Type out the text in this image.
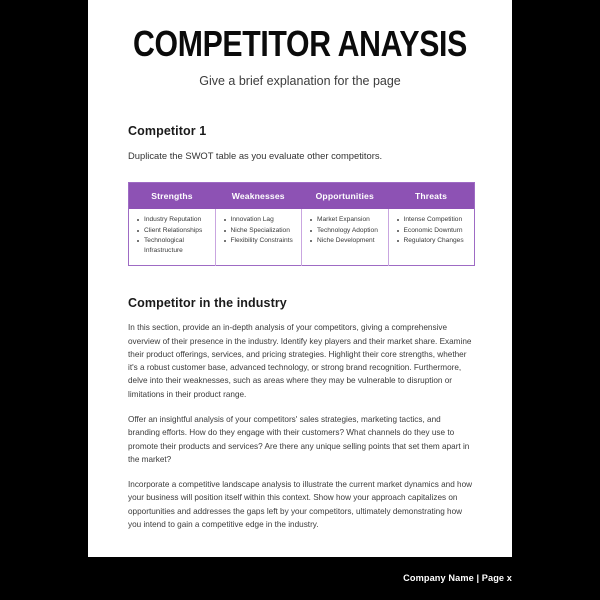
COMPETITOR ANAYSIS
Give a brief explanation for the page
Competitor 1

Duplicate the SWOT table as you evaluate other competitors.

Strengths	Weaknesses	Opportunities	Threats

Industry Reputation
Client Relationships
Technological Infrastructure

Innovation Lag
Niche Specialization
Flexibility Constraints

Market Expansion
Technology Adoption
Niche Development

Intense Competition
Economic Downturn
Regulatory Changes
Competitor in the industry

In this section, provide an in-depth analysis of your competitors, giving a comprehensive overview of their presence in the industry. Identify key players and their market share. Examine their product offerings, services, and pricing strategies. Highlight their core strengths, whether it's a robust customer base, advanced technology, or strong brand recognition. Furthermore, delve into their weaknesses, such as areas where they may be vulnerable to disruption or limitations in their product range.

Offer an insightful analysis of your competitors' sales strategies, marketing tactics, and branding efforts. How do they engage with their customers? What channels do they use to promote their products and services? Are there any unique selling points that set them apart in the market?

Incorporate a competitive landscape analysis to illustrate the current market dynamics and how your business will position itself within this context. Show how your approach capitalizes on opportunities and addresses the gaps left by your competitors, ultimately demonstrating how you intend to gain a competitive edge in the industry.

Company Name | Page x
